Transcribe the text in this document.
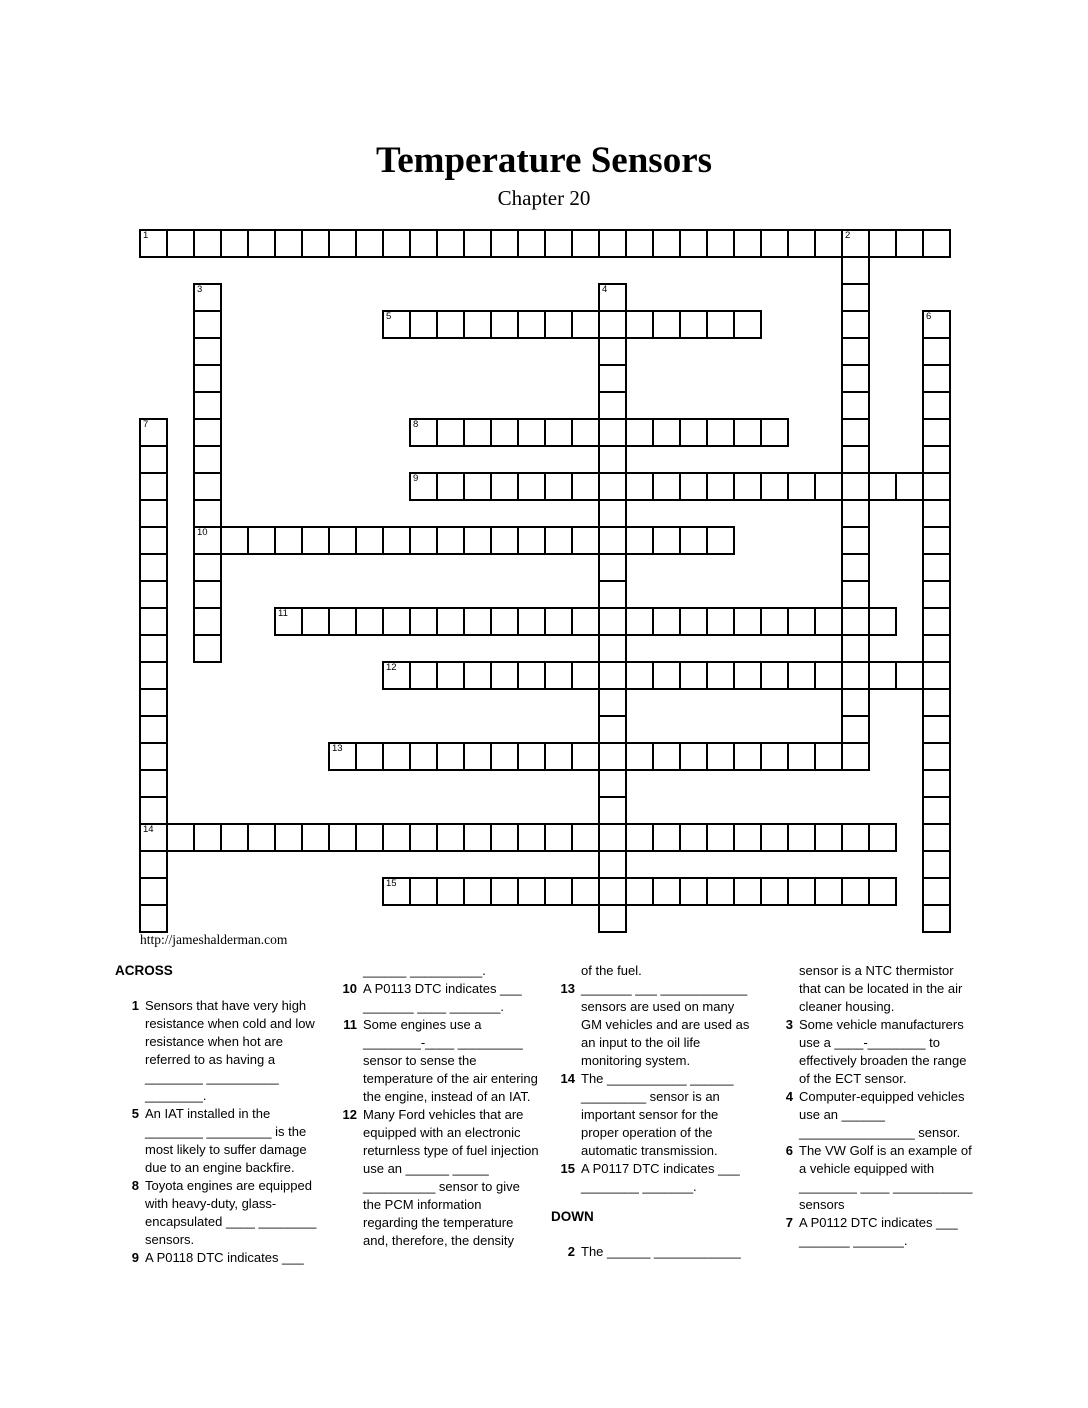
Temperature Sensors
Chapter 20
1	2
3	4
5	6
7	8
9
10
11
12
13
14
15
http://jameshalderman.com
ACROSS
1 Sensors that have very high resistance when cold and low resistance when hot are referred to as having a ________ __________ ________.
5 An IAT installed in the ________ _________ is the most likely to suffer damage due to an engine backfire.
8 Toyota engines are equipped with heavy-duty, glass-encapsulated ____ ________ sensors.
9 A P0118 DTC indicates ___
______ __________.
10 A P0113 DTC indicates ___ _______ ____ _______.
11 Some engines use a ________-____ _________ sensor to sense the temperature of the air entering the engine, instead of an IAT.
12 Many Ford vehicles that are equipped with an electronic returnless type of fuel injection use an ______ _____ __________ sensor to give the PCM information regarding the temperature and, therefore, the density
of the fuel.
13 _______ ___ ____________ sensors are used on many GM vehicles and are used as an input to the oil life monitoring system.
14 The ___________ ______ _________ sensor is an important sensor for the proper operation of the automatic transmission.
15 A P0117 DTC indicates ___ ________ _______.
DOWN
2 The ______ ____________
sensor is a NTC thermistor that can be located in the air cleaner housing.
3 Some vehicle manufacturers use a ____-________ to effectively broaden the range of the ECT sensor.
4 Computer-equipped vehicles use an ______ ________________ sensor.
6 The VW Golf is an example of a vehicle equipped with ________ ____ ___________ sensors
7 A P0112 DTC indicates ___ _______ _______.
